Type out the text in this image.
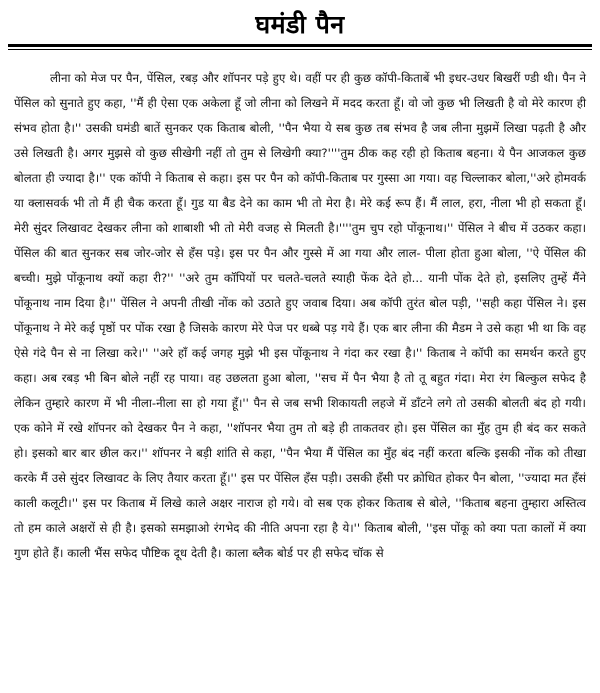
घमंडी पैन

लीना को मेज पर पैन, पेंसिल, रबड़ और शॉपनर पड़े हुए थे। वहीं पर ही कुछ कॉपी-किताबें भी इधर-उधर बिखरीं ण्डी थी। पैन ने पेंसिल को सुनाते हुए कहा, ''मैं ही ऐसा एक अकेला हूँ जो लीना को लिखने में मदद करता हूँ। वो जो कुछ भी लिखती है वो मेरे कारण ही संभव होता है।'' उसकी घमंडी बातें सुनकर एक किताब बोली, ''पैन भैया ये सब कुछ तब संभव है जब लीना मुझमें लिखा पढ़ती है और उसे लिखती है। अगर मुझसे वो कुछ सीखेगी नहीं तो तुम से लिखेगी क्या?''''तुम ठीक कह रही हो किताब बहना। ये पैन आजकल कुछ बोलता ही ज्यादा है।'' एक कॉपी ने किताब से कहा। इस पर पैन को कॉपी-किताब पर गुस्सा आ गया। वह चिल्लाकर बोला,''अरे होमवर्क या क्लासवर्क भी तो मैं ही चैक करता हूँ। गुड या बैड देने का काम भी तो मेरा है। मेरे कई रूप हैं। मैं लाल, हरा, नीला भी हो सकता हूँ। मेरी सुंदर लिखावट देखकर लीना को शाबाशी भी तो मेरी वजह से मिलती है।''''तुम चुप रहो पोंकूनाथ।'' पेंसिल ने बीच में उठकर कहा। पेंसिल की बात सुनकर सब जोर-जोर से हँस पड़े। इस पर पैन और गुस्से में आ गया और लाल- पीला होता हुआ बोला, ''ऐ पेंसिल की बच्ची। मुझे पोंकूनाथ क्यों कहा री?'' ''अरे तुम कॉपियों पर चलते-चलते स्याही फेंक देते हो... यानी पोंक देते हो, इसलिए तुम्हें मैंने पोंकूनाथ नाम दिया है।'' पेंसिल ने अपनी तीखी नोंक को उठाते हुए जवाब दिया। अब कॉपी तुरंत बोल पड़ी, ''सही कहा पेंसिल ने। इस पोंकूनाथ ने मेरे कई पृष्ठों पर पोंक रखा है जिसके कारण मेरे पेज पर धब्बे पड़ गये हैं। एक बार लीना की मैडम ने उसे कहा भी था कि वह ऐसे गंदे पैन से ना लिखा करे।'' ''अरे हाँ कई जगह मुझे भी इस पोंकूनाथ ने गंदा कर रखा है।'' किताब ने कॉपी का समर्थन करते हुए कहा। अब रबड़ भी बिन बोले नहीं रह पाया। वह उछलता हुआ बोला, ''सच में पैन भैया है तो तू बहुत गंदा। मेरा रंग बिल्कुल सफेद है लेकिन तुम्हारे कारण में भी नीला-नीला सा हो गया हूँ।'' पैन से जब सभी शिकायती लहजे में डाँटने लगे तो उसकी बोलती बंद हो गयी। एक कोने में रखे शॉपनर को देखकर पैन ने कहा, ''शॉपनर भैया तुम तो बड़े ही ताकतवर हो। इस पेंसिल का मुँह तुम ही बंद कर सकते हो। इसको बार बार छील कर।'' शॉपनर ने बड़ी शांति से कहा, ''पैन भैया मैं पेंसिल का मुँह बंद नहीं करता बल्कि इसकी नोंक को तीखा करके मैं उसे सुंदर लिखावट के लिए तैयार करता हूँ।'' इस पर पेंसिल हँस पड़ी। उसकी हँसी पर क्रोधित होकर पैन बोला, ''ज्यादा मत हँसं काली कलूटी।'' इस पर किताब में लिखे काले अक्षर नाराज हो गये। वो सब एक होकर किताब से बोले, ''किताब बहना तुम्हारा अस्तित्व तो हम काले अक्षरों से ही है। इसको समझाओ रंगभेद की नीति अपना रहा है ये।'' किताब बोली, ''इस पोंकू को क्या पता कालों में क्या गुण होते हैं। काली भैंस सफेद पौष्टिक दूध देती है। काला ब्लैक बोर्ड पर ही सफेद चॉक से
